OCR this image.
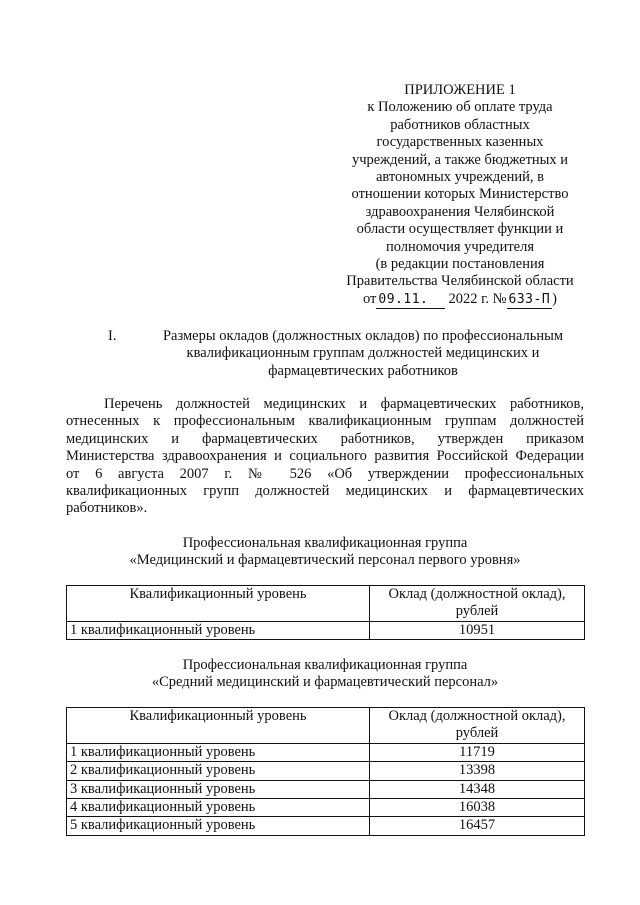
ПРИЛОЖЕНИЕ 1
к Положению об оплате труда
работников областных
государственных казенных
учреждений, а также бюджетных и
автономных учреждений, в
отношении которых Министерство
здравоохранения Челябинской
области осуществляет функции и
полномочия учредителя
(в редакции постановления
Правительства Челябинской области
от 09.11. 2022 г. № 633-П )
I.	Размеры окладов (должностных окладов) по профессиональным
квалификационным группам должностей медицинских и
фармацевтических работников
Перечень должностей медицинских и фармацевтических работников,
отнесенных к профессиональным квалификационным группам должностей
медицинских и фармацевтических работников, утвержден приказом
Министерства здравоохранения и социального развития Российской Федерации
от 6 августа 2007 г. № 526 «Об утверждении профессиональных
квалификационных групп должностей медицинских и фармацевтических
работников».
Профессиональная квалификационная группа
«Медицинский и фармацевтический персонал первого уровня»
Квалификационный уровень	Оклад (должностной оклад),
рублей

1 квалификационный уровень	10951
Профессиональная квалификационная группа
«Средний медицинский и фармацевтический персонал»
Квалификационный уровень	Оклад (должностной оклад),
рублей

1 квалификационный уровень	11719
2 квалификационный уровень	13398
3 квалификационный уровень	14348
4 квалификационный уровень	16038
5 квалификационный уровень	16457
